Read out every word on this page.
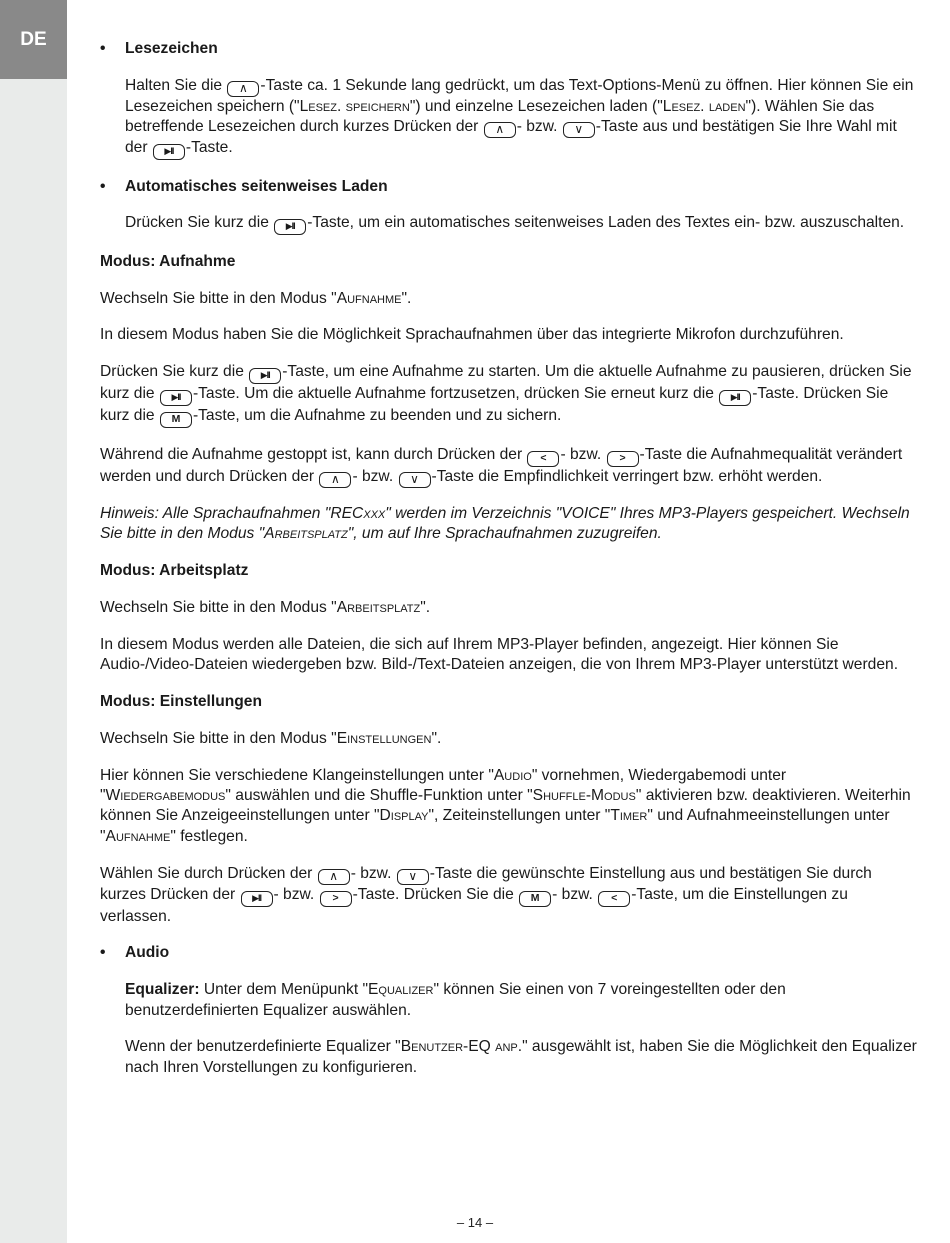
DE	• Lesezeichen

Halten Sie die ∧ -Taste ca. 1 Sekunde lang gedrückt, um das Text-Options-Menü zu öffnen. Hier können Sie ein Lesezeichen speichern ("Lesez. speichern") und einzelne Lesezeichen laden ("Lesez. laden"). Wählen Sie das betreffende Lesezeichen durch kurzes Drücken der ∧ - bzw. ∨ -Taste aus und bestätigen Sie Ihre Wahl mit der ▶II -Taste.

• Automatisches seitenweises Laden

Drücken Sie kurz die ▶II -Taste, um ein automatisches seitenweises Laden des Textes ein- bzw. auszuschalten.

Modus: Aufnahme

Wechseln Sie bitte in den Modus "Aufnahme".

In diesem Modus haben Sie die Möglichkeit Sprachaufnahmen über das integrierte Mikrofon durchzuführen.

Drücken Sie kurz die ▶II -Taste, um eine Aufnahme zu starten. Um die aktuelle Aufnahme zu pausieren, drücken Sie kurz die ▶II -Taste. Um die aktuelle Aufnahme fortzusetzen, drücken Sie erneut kurz die ▶II -Taste. Drücken Sie kurz die M -Taste, um die Aufnahme zu beenden und zu sichern.

Während die Aufnahme gestoppt ist, kann durch Drücken der < - bzw. > -Taste die Aufnahmequalität verändert werden und durch Drücken der ∧ - bzw. ∨ -Taste die Empfindlichkeit verringert bzw. erhöht werden.

Hinweis: Alle Sprachaufnahmen "RECxxx" werden im Verzeichnis "VOICE" Ihres MP3-Players gespeichert. Wechseln Sie bitte in den Modus "Arbeitsplatz", um auf Ihre Sprachaufnahmen zuzugreifen.

Modus: Arbeitsplatz

Wechseln Sie bitte in den Modus "Arbeitsplatz".

In diesem Modus werden alle Dateien, die sich auf Ihrem MP3-Player befinden, angezeigt. Hier können Sie Audio-/Video-Dateien wiedergeben bzw. Bild-/Text-Dateien anzeigen, die von Ihrem MP3-Player unterstützt werden.

Modus: Einstellungen

Wechseln Sie bitte in den Modus "Einstellungen".

Hier können Sie verschiedene Klangeinstellungen unter "Audio" vornehmen, Wiedergabemodi unter "Wiedergabemodus" auswählen und die Shuffle-Funktion unter "Shuffle-Modus" aktivieren bzw. deaktivieren. Weiterhin können Sie Anzeigeeinstellungen unter "Display", Zeiteinstellungen unter "Timer" und Aufnahmeeinstellungen unter "Aufnahme" festlegen.

Wählen Sie durch Drücken der ∧ - bzw. ∨ -Taste die gewünschte Einstellung aus und bestätigen Sie durch kurzes Drücken der ▶II - bzw. > -Taste. Drücken Sie die M - bzw. < -Taste, um die Einstellungen zu verlassen.

• Audio

Equalizer: Unter dem Menüpunkt "Equalizer" können Sie einen von 7 voreingestellten oder den benutzerdefinierten Equalizer auswählen.

Wenn der benutzerdefinierte Equalizer "Benutzer-EQ anp." ausgewählt ist, haben Sie die Möglichkeit den Equalizer nach Ihren Vorstellungen zu konfigurieren.

– 14 –
